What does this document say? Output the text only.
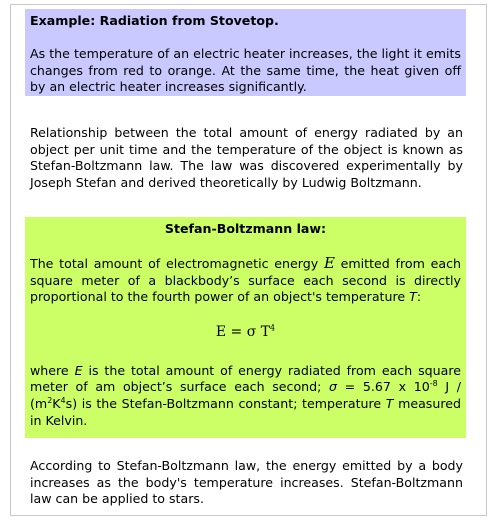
Example: Radiation from Stovetop.

As the temperature of an electric heater increases, the light it emits changes from red to orange. At the same time, the heat given off by an electric heater increases significantly.

Relationship between the total amount of energy radiated by an object per unit time and the temperature of the object is known as Stefan-Boltzmann law. The law was discovered experimentally by Joseph Stefan and derived theoretically by Ludwig Boltzmann.

Stefan-Boltzmann law:

The total amount of electromagnetic energy E emitted from each square meter of a blackbody’s surface each second is directly proportional to the fourth power of an object's temperature T:

E = σ $T^4$

where E is the total amount of energy radiated from each square meter of am object’s surface each second; σ = 5.67 x $10^{-8}$ J / $(m^2K^4s)$ is the Stefan-Boltzmann constant; temperature T measured in Kelvin.

According to Stefan-Boltzmann law, the energy emitted by a body increases as the body's temperature increases. Stefan-Boltzmann law can be applied to stars.
